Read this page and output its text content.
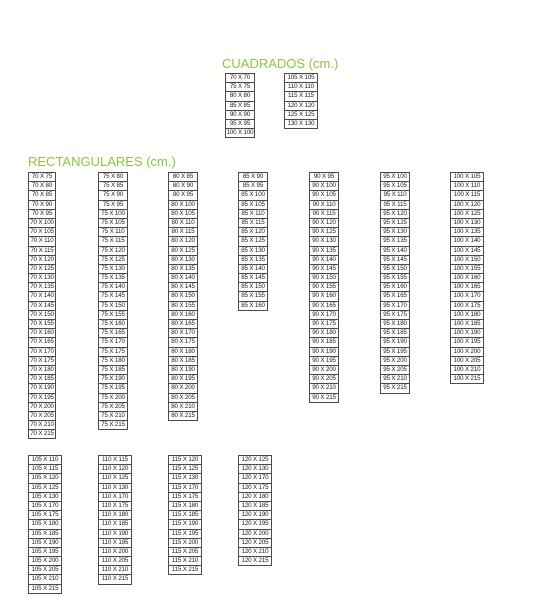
CUADRADOS (cm.)
RECTANGULARES (cm.)
70 X 70
75 X 75
80 X 80
85 X 85
90 X 90
95 X 95
100 X 100
105 X 105
110 X 110
115 X 115
120 X 120
125 X 125
130 X 130
70 X 75
70 X 80
70 X 85
70 X 90
70 X 95
70 X 100
70 X 105
70 X 110
70 X 115
70 X 120
70 X 125
70 X 130
70 X 135
70 X 140
70 X 145
70 X 150
70 X 155
70 X 160
70 X 165
70 X 170
70 X 175
70 X 180
70 X 185
70 X 190
70 X 195
70 X 200
70 X 205
70 X 210
70 X 215
75 X 80
75 X 85
75 X 90
75 X 95
75 X 100
75 X 105
75 X 110
75 X 115
75 X 120
75 X 125
75 X 130
75 X 135
75 X 140
75 X 145
75 X 150
75 X 155
75 X 160
75 X 165
75 X 170
75 X 175
75 X 180
75 X 185
75 X 190
75 X 195
75 X 200
75 X 205
75 X 210
75 X 215
80 X 85
80 X 90
80 X 95
80 X 100
80 X 105
80 X 110
80 X 115
80 X 120
80 X 125
80 X 130
80 X 135
80 X 140
80 X 145
80 X 150
80 X 155
80 X 160
80 X 165
80 X 170
80 X 175
80 X 180
80 X 185
80 X 190
80 X 195
80 X 200
80 X 205
80 X 210
80 X 215
85 X 90
85 X 95
85 X 100
85 X 105
85 X 110
85 X 115
85 X 120
85 X 125
85 X 130
85 X 135
85 X 140
85 X 145
85 X 150
85 X 155
85 X 160
90 X 95
90 X 100
90 X 105
90 X 110
90 X 115
90 X 120
90 X 125
90 X 130
90 X 135
90 X 140
90 X 145
90 X 150
90 X 155
90 X 160
90 X 165
90 X 170
90 X 175
90 X 180
90 X 185
90 X 190
90 X 195
90 X 200
90 X 205
90 X 210
90 X 215
95 X 100
95 X 105
95 X 110
95 X 115
95 X 120
95 X 125
95 X 130
95 X 135
95 X 140
95 X 145
95 X 150
95 X 155
95 X 160
95 X 165
95 X 170
95 X 175
95 X 180
95 X 185
95 X 190
95 X 195
95 X 200
95 X 205
95 X 210
95 X 215
100 X 105
100 X 110
100 X 115
100 X 120
100 X 125
100 X 130
100 X 135
100 X 140
100 X 145
100 X 150
100 X 155
100 X 160
100 X 165
100 X 170
100 X 175
100 X 180
100 X 185
100 X 190
100 X 195
100 X 200
100 X 205
100 X 210
100 X 215
105 X 110
105 X 115
105 X 120
105 X 125
105 X 130
105 X 170
105 X 175
105 X 180
105 X 185
105 X 190
105 X 195
105 X 200
105 X 205
105 X 210
105 X 215
110 X 115
110 X 120
110 X 125
110 X 130
110 X 170
110 X 175
110 X 180
110 X 185
110 X 190
110 X 195
110 X 200
110 X 205
110 X 210
110 X 215
115 X 120
115 X 125
115 X 130
115 X 170
115 X 175
115 X 180
115 X 185
115 X 190
115 X 195
115 X 200
115 X 205
115 X 210
115 X 215
120 X 125
120 X 130
120 X 170
120 X 175
120 X 180
120 X 185
120 X 190
120 X 195
120 X 200
120 X 205
120 X 210
120 X 215
